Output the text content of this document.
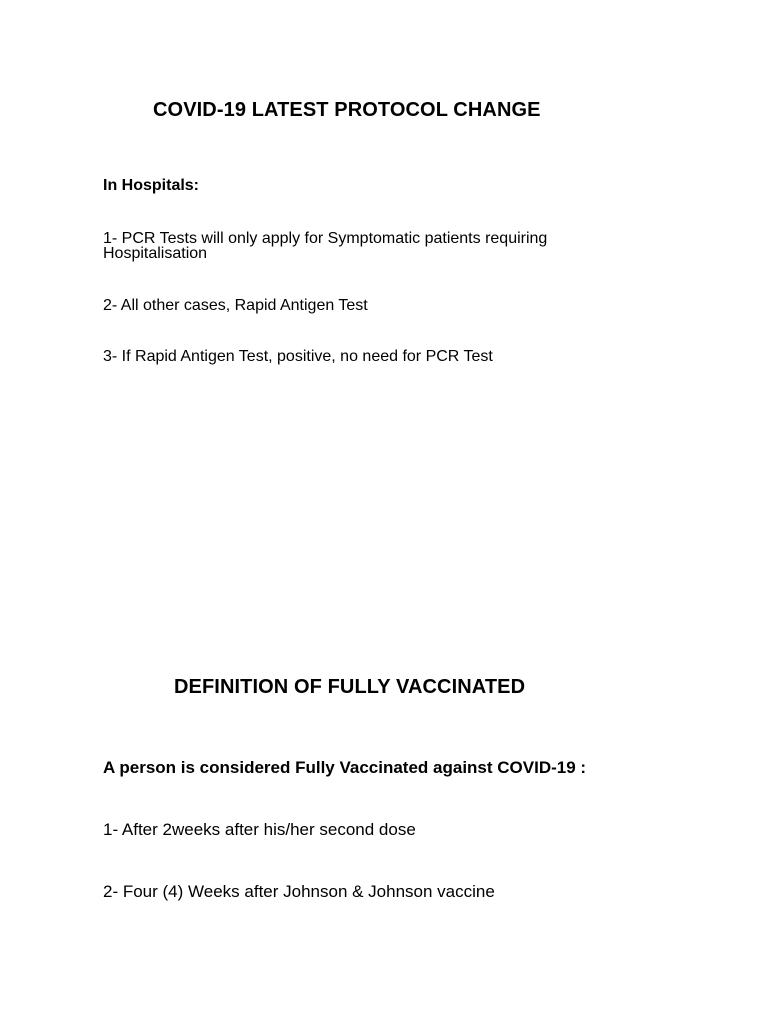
COVID-19 LATEST PROTOCOL CHANGE
In Hospitals:
1- PCR Tests will only apply for Symptomatic patients requiring
Hospitalisation

2- All other cases, Rapid Antigen Test

3- If Rapid Antigen Test, positive, no need for PCR Test

DEFINITION OF FULLY VACCINATED
A person is considered Fully Vaccinated against COVID-19 :

1- After 2weeks after his/her second dose

2- Four (4) Weeks after Johnson & Johnson vaccine
